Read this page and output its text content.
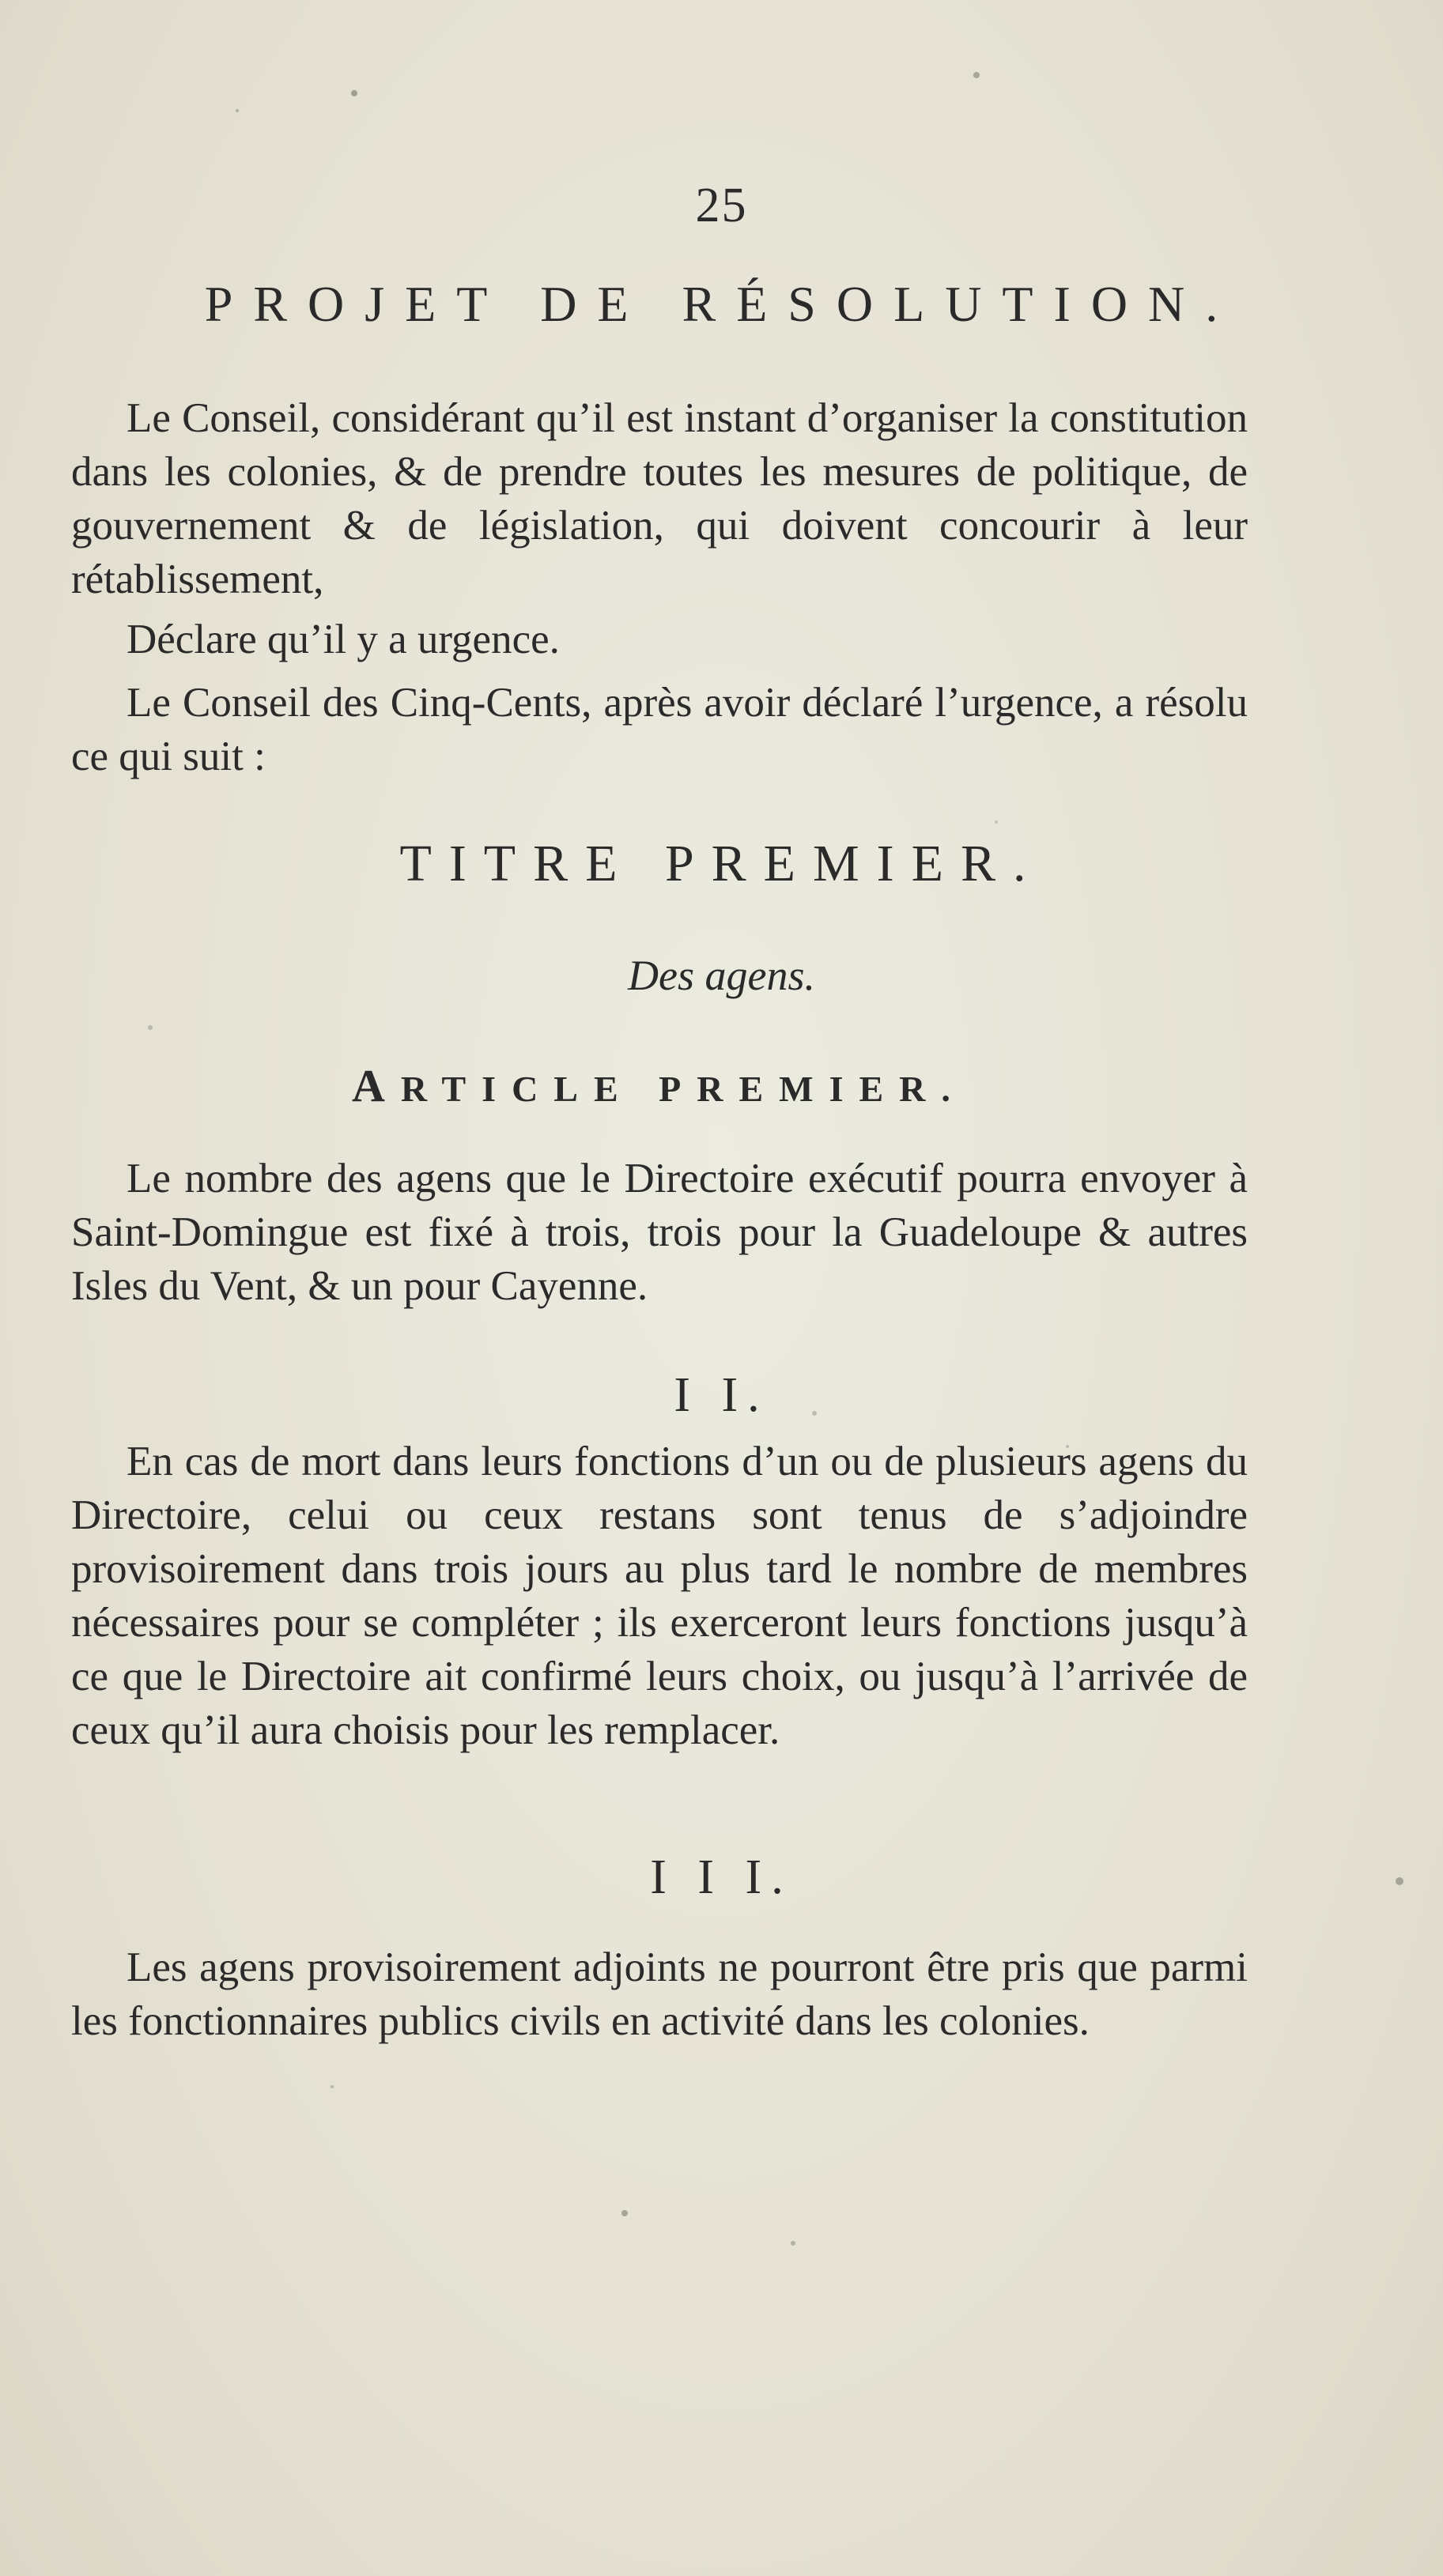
25
PROJET DE RÉSOLUTION.
Le Conseil, considérant qu’il est instant d’organiser la constitution dans les colonies, & de prendre toutes les mesures de politique, de gouvernement & de législation, qui doivent concourir à leur rétablissement,
Déclare qu’il y a urgence.
Le Conseil des Cinq-Cents, après avoir déclaré l’urgence, a résolu ce qui suit :
TITRE PREMIER.
Des agens.
ARTICLE PREMIER.
Le nombre des agens que le Directoire exécutif pourra envoyer à Saint-Domingue est fixé à trois, trois pour la Guadeloupe & autres Isles du Vent, & un pour Cayenne.
I I.
En cas de mort dans leurs fonctions d’un ou de plusieurs agens du Directoire, celui ou ceux restans sont tenus de s’adjoindre provisoirement dans trois jours au plus tard le nombre de membres nécessaires pour se compléter ; ils exerceront leurs fonctions jusqu’à ce que le Directoire ait confirmé leurs choix, ou jusqu’à l’arrivée de ceux qu’il aura choisis pour les remplacer.
I I I.
Les agens provisoirement adjoints ne pourront être pris que parmi les fonctionnaires publics civils en activité dans les colonies.
